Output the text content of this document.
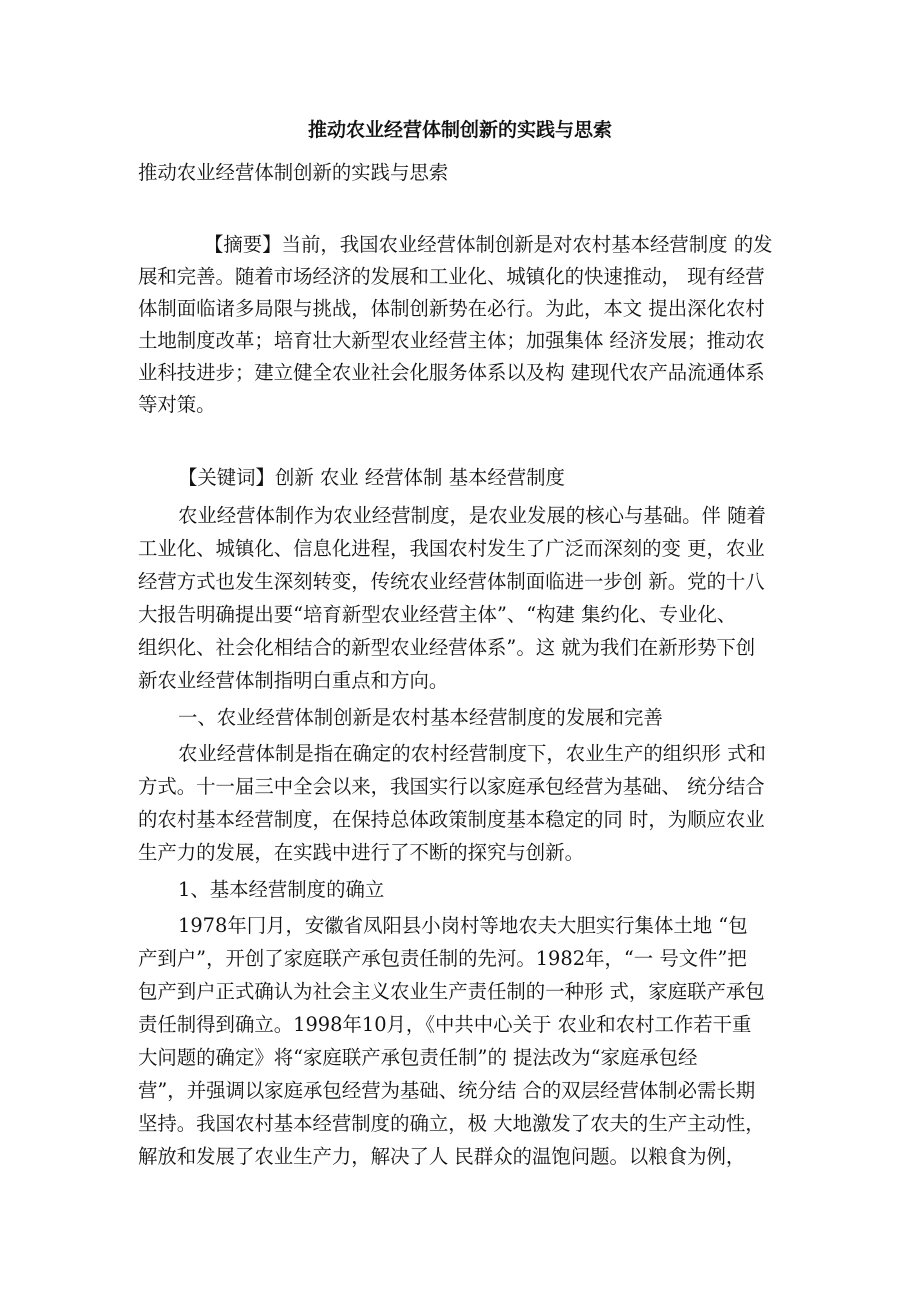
推动农业经营体制创新的实践与思索
推动农业经营体制创新的实践与思索
【摘要】当前，我国农业经营体制创新是对农村基本经营制度 的发
展和完善。随着市场经济的发展和工业化、城镇化的快速推动， 现有经营
体制面临诸多局限与挑战，体制创新势在必行。为此，本文 提出深化农村
土地制度改革；培育壮大新型农业经营主体；加强集体 经济发展；推动农
业科技进步；建立健全农业社会化服务体系以及构 建现代农产品流通体系
等对策。
【关键词】创新 农业 经营体制 基本经营制度
农业经营体制作为农业经营制度，是农业发展的核心与基础。伴 随着
工业化、城镇化、信息化进程，我国农村发生了广泛而深刻的变 更，农业
经营方式也发生深刻转变，传统农业经营体制面临进一步创 新。党的十八
大报告明确提出要“培育新型农业经营主体”、“构建 集约化、专业化、
组织化、社会化相结合的新型农业经营体系”。这 就为我们在新形势下创
新农业经营体制指明白重点和方向。
一、农业经营体制创新是农村基本经营制度的发展和完善
农业经营体制是指在确定的农村经营制度下，农业生产的组织形 式和
方式。十一届三中全会以来，我国实行以家庭承包经营为基础、 统分结合
的农村基本经营制度，在保持总体政策制度基本稳定的同 时，为顺应农业
生产力的发展，在实践中进行了不断的探究与创新。
1、基本经营制度的确立
1978年冂月，安徽省凤阳县小岗村等地农夫大胆实行集体土地 “包
产到户”，开创了家庭联产承包责任制的先河。1982年，“一 号文件”把
包产到户正式确认为社会主义农业生产责任制的一种形 式，家庭联产承包
责任制得到确立。1998年10月，《中共中心关于 农业和农村工作若干重
大问题的确定》将“家庭联产承包责任制”的 提法改为“家庭承包经
营”，并强调以家庭承包经营为基础、统分结 合的双层经营体制必需长期
坚持。我国农村基本经营制度的确立，极 大地激发了农夫的生产主动性，
解放和发展了农业生产力，解决了人 民群众的温饱问题。以粮食为例，
